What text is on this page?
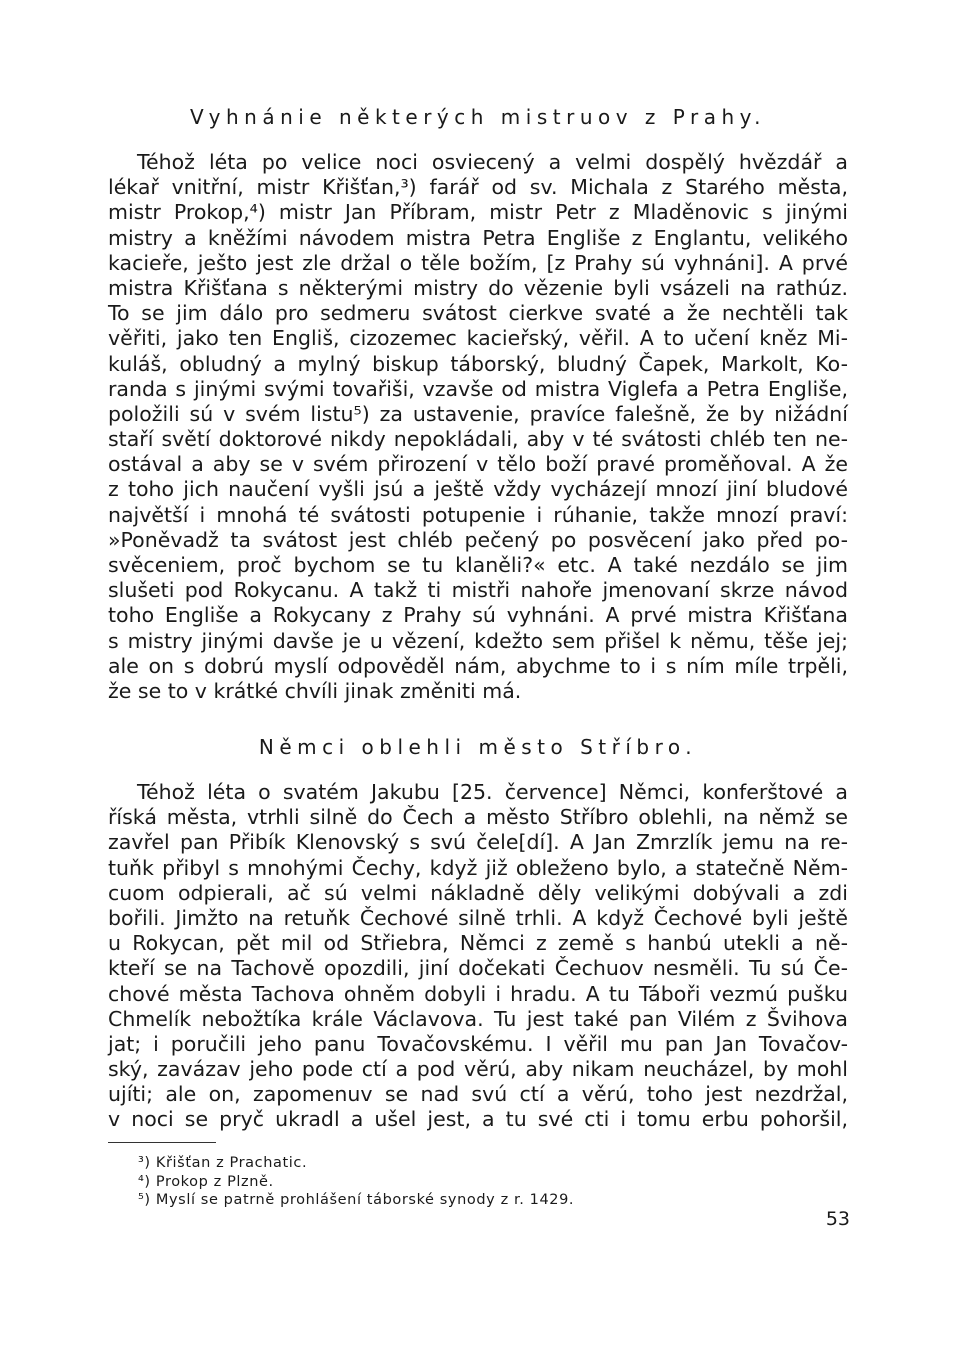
Vyhnánie některých mistruov z Prahy.
Téhož léta po velice noci osviecený a velmi dospělý hvězdář a
lékař vnitřní, mistr Křišťan,³) farář od sv. Michala z Starého města,
mistr Prokop,⁴) mistr Jan Příbram, mistr Petr z Mladěnovic s jinými
mistry a kněžími návodem mistra Petra Engliše z Englantu, velikého
kacieře, ješto jest zle držal o těle božím, [z Prahy sú vyhnáni]. A prvé
mistra Křišťana s některými mistry do vězenie byli vsázeli na rathúz.
To se jim dálo pro sedmeru svátost cierkve svaté a že nechtěli tak
věřiti, jako ten Engliš, cizozemec kacieřský, věřil. A to učení kněz Mi-
kuláš, obludný a mylný biskup táborský, bludný Čapek, Markolt, Ko-
randa s jinými svými tovařiši, vzavše od mistra Viglefa a Petra Engliše,
položili sú v svém listu⁵) za ustavenie, pravíce falešně, že by nižádní
staří světí doktorové nikdy nepokládali, aby v té svátosti chléb ten ne-
ostával a aby se v svém přirození v tělo boží pravé proměňoval. A že
z toho jich naučení vyšli jsú a ještě vždy vycházejí mnozí jiní bludové
najvětší i mnohá té svátosti potupenie i rúhanie, takže mnozí praví:
»Poněvadž ta svátost jest chléb pečený po posvěcení jako před po-
svěceniem, proč bychom se tu klaněli?« etc. A také nezdálo se jim
slušeti pod Rokycanu. A takž ti mistři nahoře jmenovaní skrze návod
toho Engliše a Rokycany z Prahy sú vyhnáni. A prvé mistra Křišťana
s mistry jinými davše je u vězení, kdežto sem přišel k němu, těše jej;
ale on s dobrú myslí odpověděl nám, abychme to i s ním míle trpěli,
že se to v krátké chvíli jinak změniti má.
Němci oblehli město Stříbro.
Téhož léta o svatém Jakubu [25. července] Němci, konferštové a
říská města, vtrhli silně do Čech a město Stříbro oblehli, na němž se
zavřel pan Přibík Klenovský s svú čele[dí]. A Jan Zmrzlík jemu na re-
tuňk přibyl s mnohými Čechy, když již obleženo bylo, a statečně Něm-
cuom odpierali, ač sú velmi nákladně děly velikými dobývali a zdi
bořili. Jimžto na retuňk Čechové silně trhli. A když Čechové byli ještě
u Rokycan, pět mil od Střiebra, Němci z země s hanbú utekli a ně-
kteří se na Tachově opozdili, jiní dočekati Čechuov nesměli. Tu sú Če-
chové města Tachova ohněm dobyli i hradu. A tu Táboři vezmú pušku
Chmelík nebožtíka krále Václavova. Tu jest také pan Vilém z Švihova
jat; i poručili jeho panu Tovačovskému. I věřil mu pan Jan Tovačov-
ský, zavázav jeho pode ctí a pod věrú, aby nikam neucházel, by mohl
ujíti; ale on, zapomenuv se nad svú ctí a věrú, toho jest nezdržal,
v noci se pryč ukradl a ušel jest, a tu své cti i tomu erbu pohoršil,
³) Křišťan z Prachatic.
⁴) Prokop z Plzně.
⁵) Myslí se patrně prohlášení táborské synody z r. 1429.
53
